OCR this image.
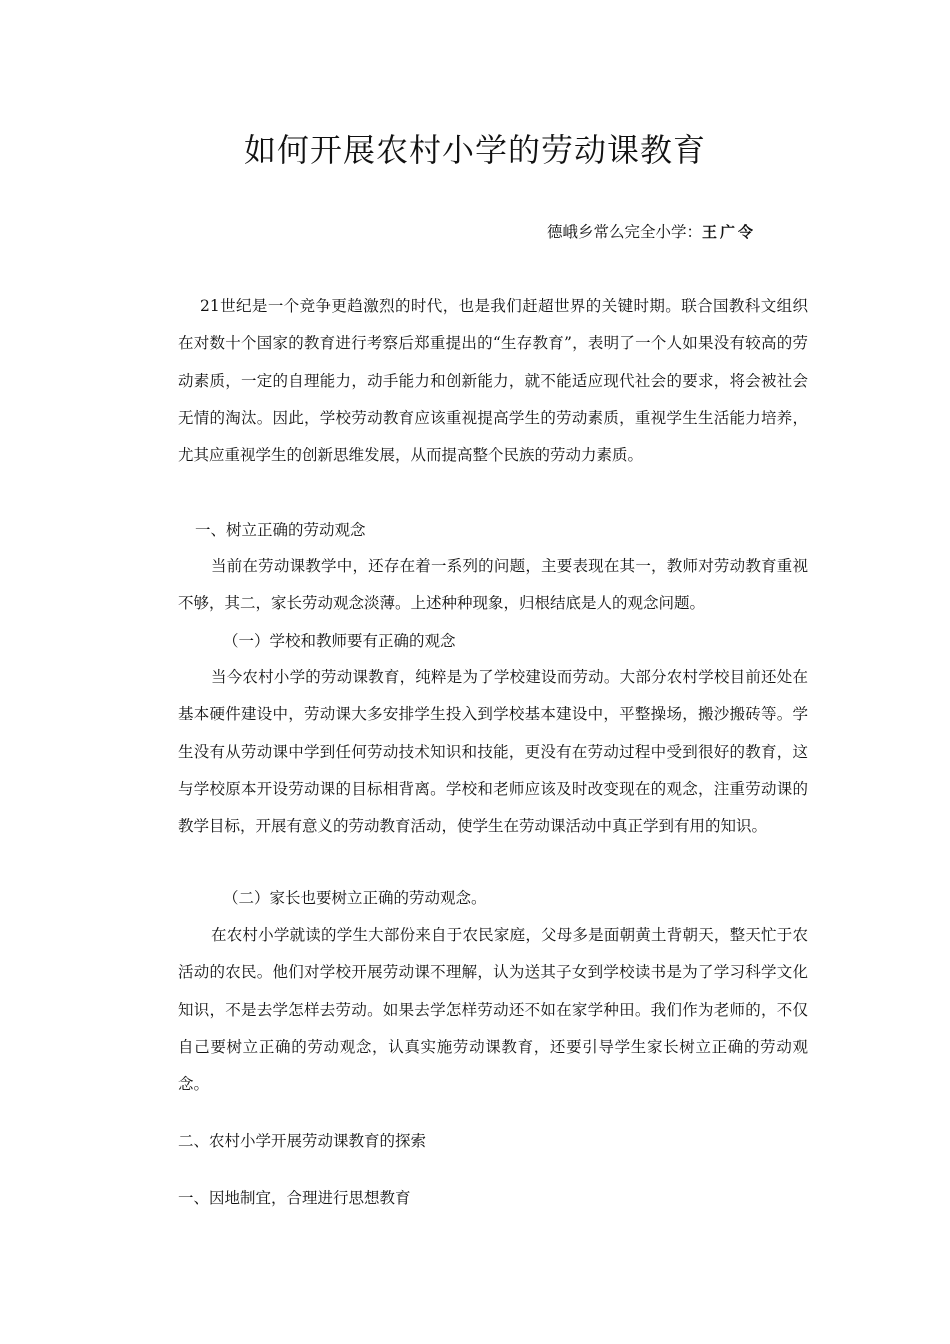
如何开展农村小学的劳动课教育
德峨乡常么完全小学：王广令

21世纪是一个竞争更趋激烈的时代，也是我们赶超世界的关键时期。联合国教科文组织在对数十个国家的教育进行考察后郑重提出的“生存教育”，表明了一个人如果没有较高的劳动素质，一定的自理能力，动手能力和创新能力，就不能适应现代社会的要求，将会被社会无情的淘汰。因此，学校劳动教育应该重视提高学生的劳动素质，重视学生生活能力培养，尤其应重视学生的创新思维发展，从而提高整个民族的劳动力素质。

一、树立正确的劳动观念

当前在劳动课教学中，还存在着一系列的问题，主要表现在其一，教师对劳动教育重视不够，其二，家长劳动观念淡薄。上述种种现象，归根结底是人的观念问题。

（一）学校和教师要有正确的观念

当今农村小学的劳动课教育，纯粹是为了学校建设而劳动。大部分农村学校目前还处在基本硬件建设中，劳动课大多安排学生投入到学校基本建设中，平整操场，搬沙搬砖等。学生没有从劳动课中学到任何劳动技术知识和技能，更没有在劳动过程中受到很好的教育，这与学校原本开设劳动课的目标相背离。学校和老师应该及时改变现在的观念，注重劳动课的教学目标，开展有意义的劳动教育活动，使学生在劳动课活动中真正学到有用的知识。

（二）家长也要树立正确的劳动观念。

在农村小学就读的学生大部份来自于农民家庭，父母多是面朝黄土背朝天，整天忙于农活动的农民。他们对学校开展劳动课不理解，认为送其子女到学校读书是为了学习科学文化知识，不是去学怎样去劳动。如果去学怎样劳动还不如在家学种田。我们作为老师的，不仅自己要树立正确的劳动观念，认真实施劳动课教育，还要引导学生家长树立正确的劳动观念。

二、农村小学开展劳动课教育的探索

一、因地制宜，合理进行思想教育
